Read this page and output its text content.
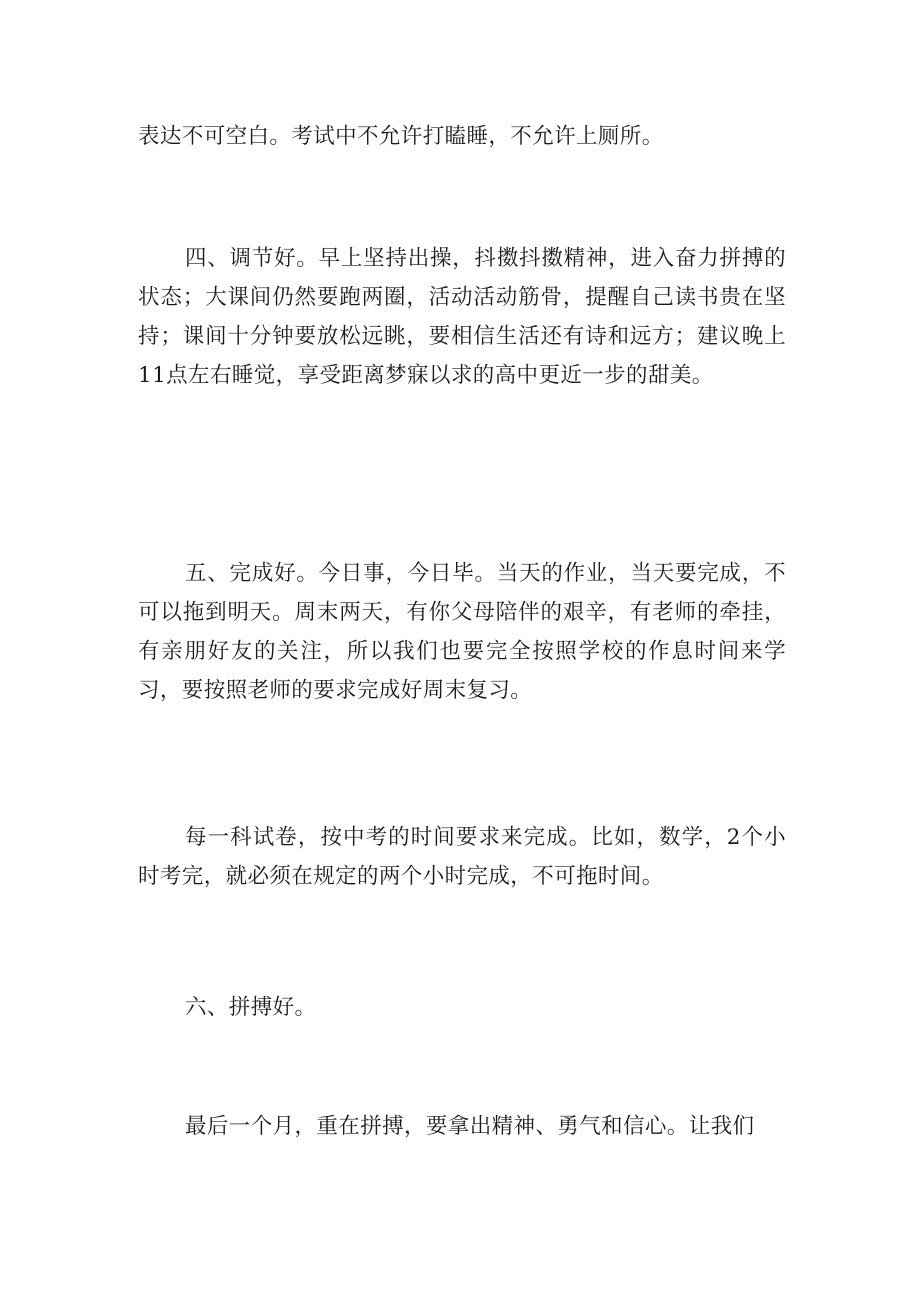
表达不可空白。考试中不允许打瞌睡，不允许上厕所。

四、调节好。早上坚持出操，抖擞抖擞精神，进入奋力拼搏的状态；大课间仍然要跑两圈，活动活动筋骨，提醒自己读书贵在坚持；课间十分钟要放松远眺，要相信生活还有诗和远方；建议晚上11点左右睡觉，享受距离梦寐以求的高中更近一步的甜美。

五、完成好。今日事，今日毕。当天的作业，当天要完成，不可以拖到明天。周末两天，有你父母陪伴的艰辛，有老师的牵挂，有亲朋好友的关注，所以我们也要完全按照学校的作息时间来学习，要按照老师的要求完成好周末复习。

每一科试卷，按中考的时间要求来完成。比如，数学，2个小时考完，就必须在规定的两个小时完成，不可拖时间。

六、拼搏好。

最后一个月，重在拼搏，要拿出精神、勇气和信心。让我们
